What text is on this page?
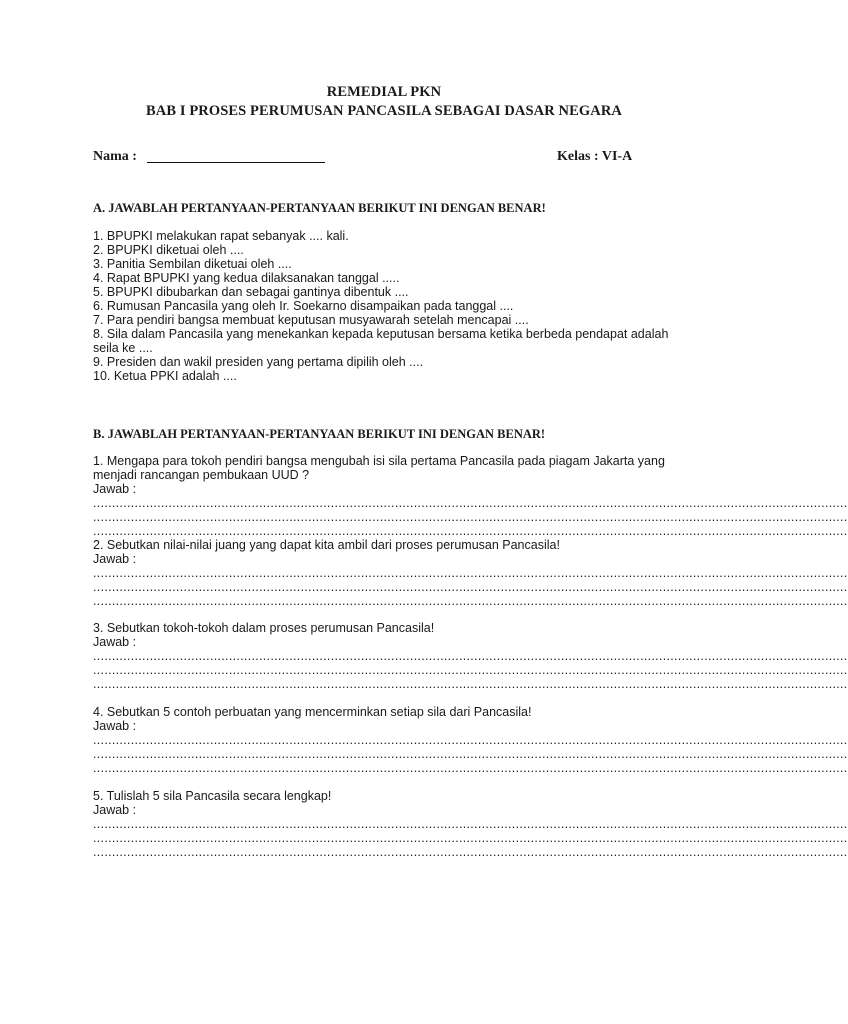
REMEDIAL PKN
BAB I PROSES PERUMUSAN PANCASILA SEBAGAI DASAR NEGARA
Nama :	Kelas : VI-A
A. JAWABLAH PERTANYAAN-PERTANYAAN BERIKUT INI DENGAN BENAR!
1. BPUPKI melakukan rapat sebanyak .... kali.
2. BPUPKI diketuai oleh ....
3. Panitia Sembilan diketuai oleh ....
4. Rapat BPUPKI yang kedua dilaksanakan tanggal .....
5. BPUPKI dibubarkan dan sebagai gantinya dibentuk ....
6. Rumusan Pancasila yang oleh Ir. Soekarno disampaikan pada tanggal ....
7. Para pendiri bangsa membuat keputusan musyawarah setelah mencapai ....
8. Sila dalam Pancasila yang menekankan kepada keputusan bersama ketika berbeda pendapat adalah seila ke ....
9. Presiden dan wakil presiden yang pertama dipilih oleh ....
10. Ketua PPKI adalah ....
B. JAWABLAH PERTANYAAN-PERTANYAAN BERIKUT INI DENGAN BENAR!
1. Mengapa para tokoh pendiri bangsa mengubah isi sila pertama Pancasila pada piagam Jakarta yang menjadi rancangan pembukaan UUD ?
Jawab :
........................................................................................................................................................................................................
........................................................................................................................................................................................................
........................................................................................................................................................................................................
2. Sebutkan nilai-nilai juang yang dapat kita ambil dari proses perumusan Pancasila!
Jawab :
........................................................................................................................................................................................................
........................................................................................................................................................................................................
........................................................................................................................................................................................................
3. Sebutkan tokoh-tokoh dalam proses perumusan Pancasila!
Jawab :
........................................................................................................................................................................................................
........................................................................................................................................................................................................
........................................................................................................................................................................................................
4. Sebutkan 5 contoh perbuatan yang mencerminkan setiap sila dari Pancasila!
Jawab :
........................................................................................................................................................................................................
........................................................................................................................................................................................................
........................................................................................................................................................................................................
5. Tulislah 5 sila Pancasila secara lengkap!
Jawab :
........................................................................................................................................................................................................
........................................................................................................................................................................................................
........................................................................................................................................................................................................
